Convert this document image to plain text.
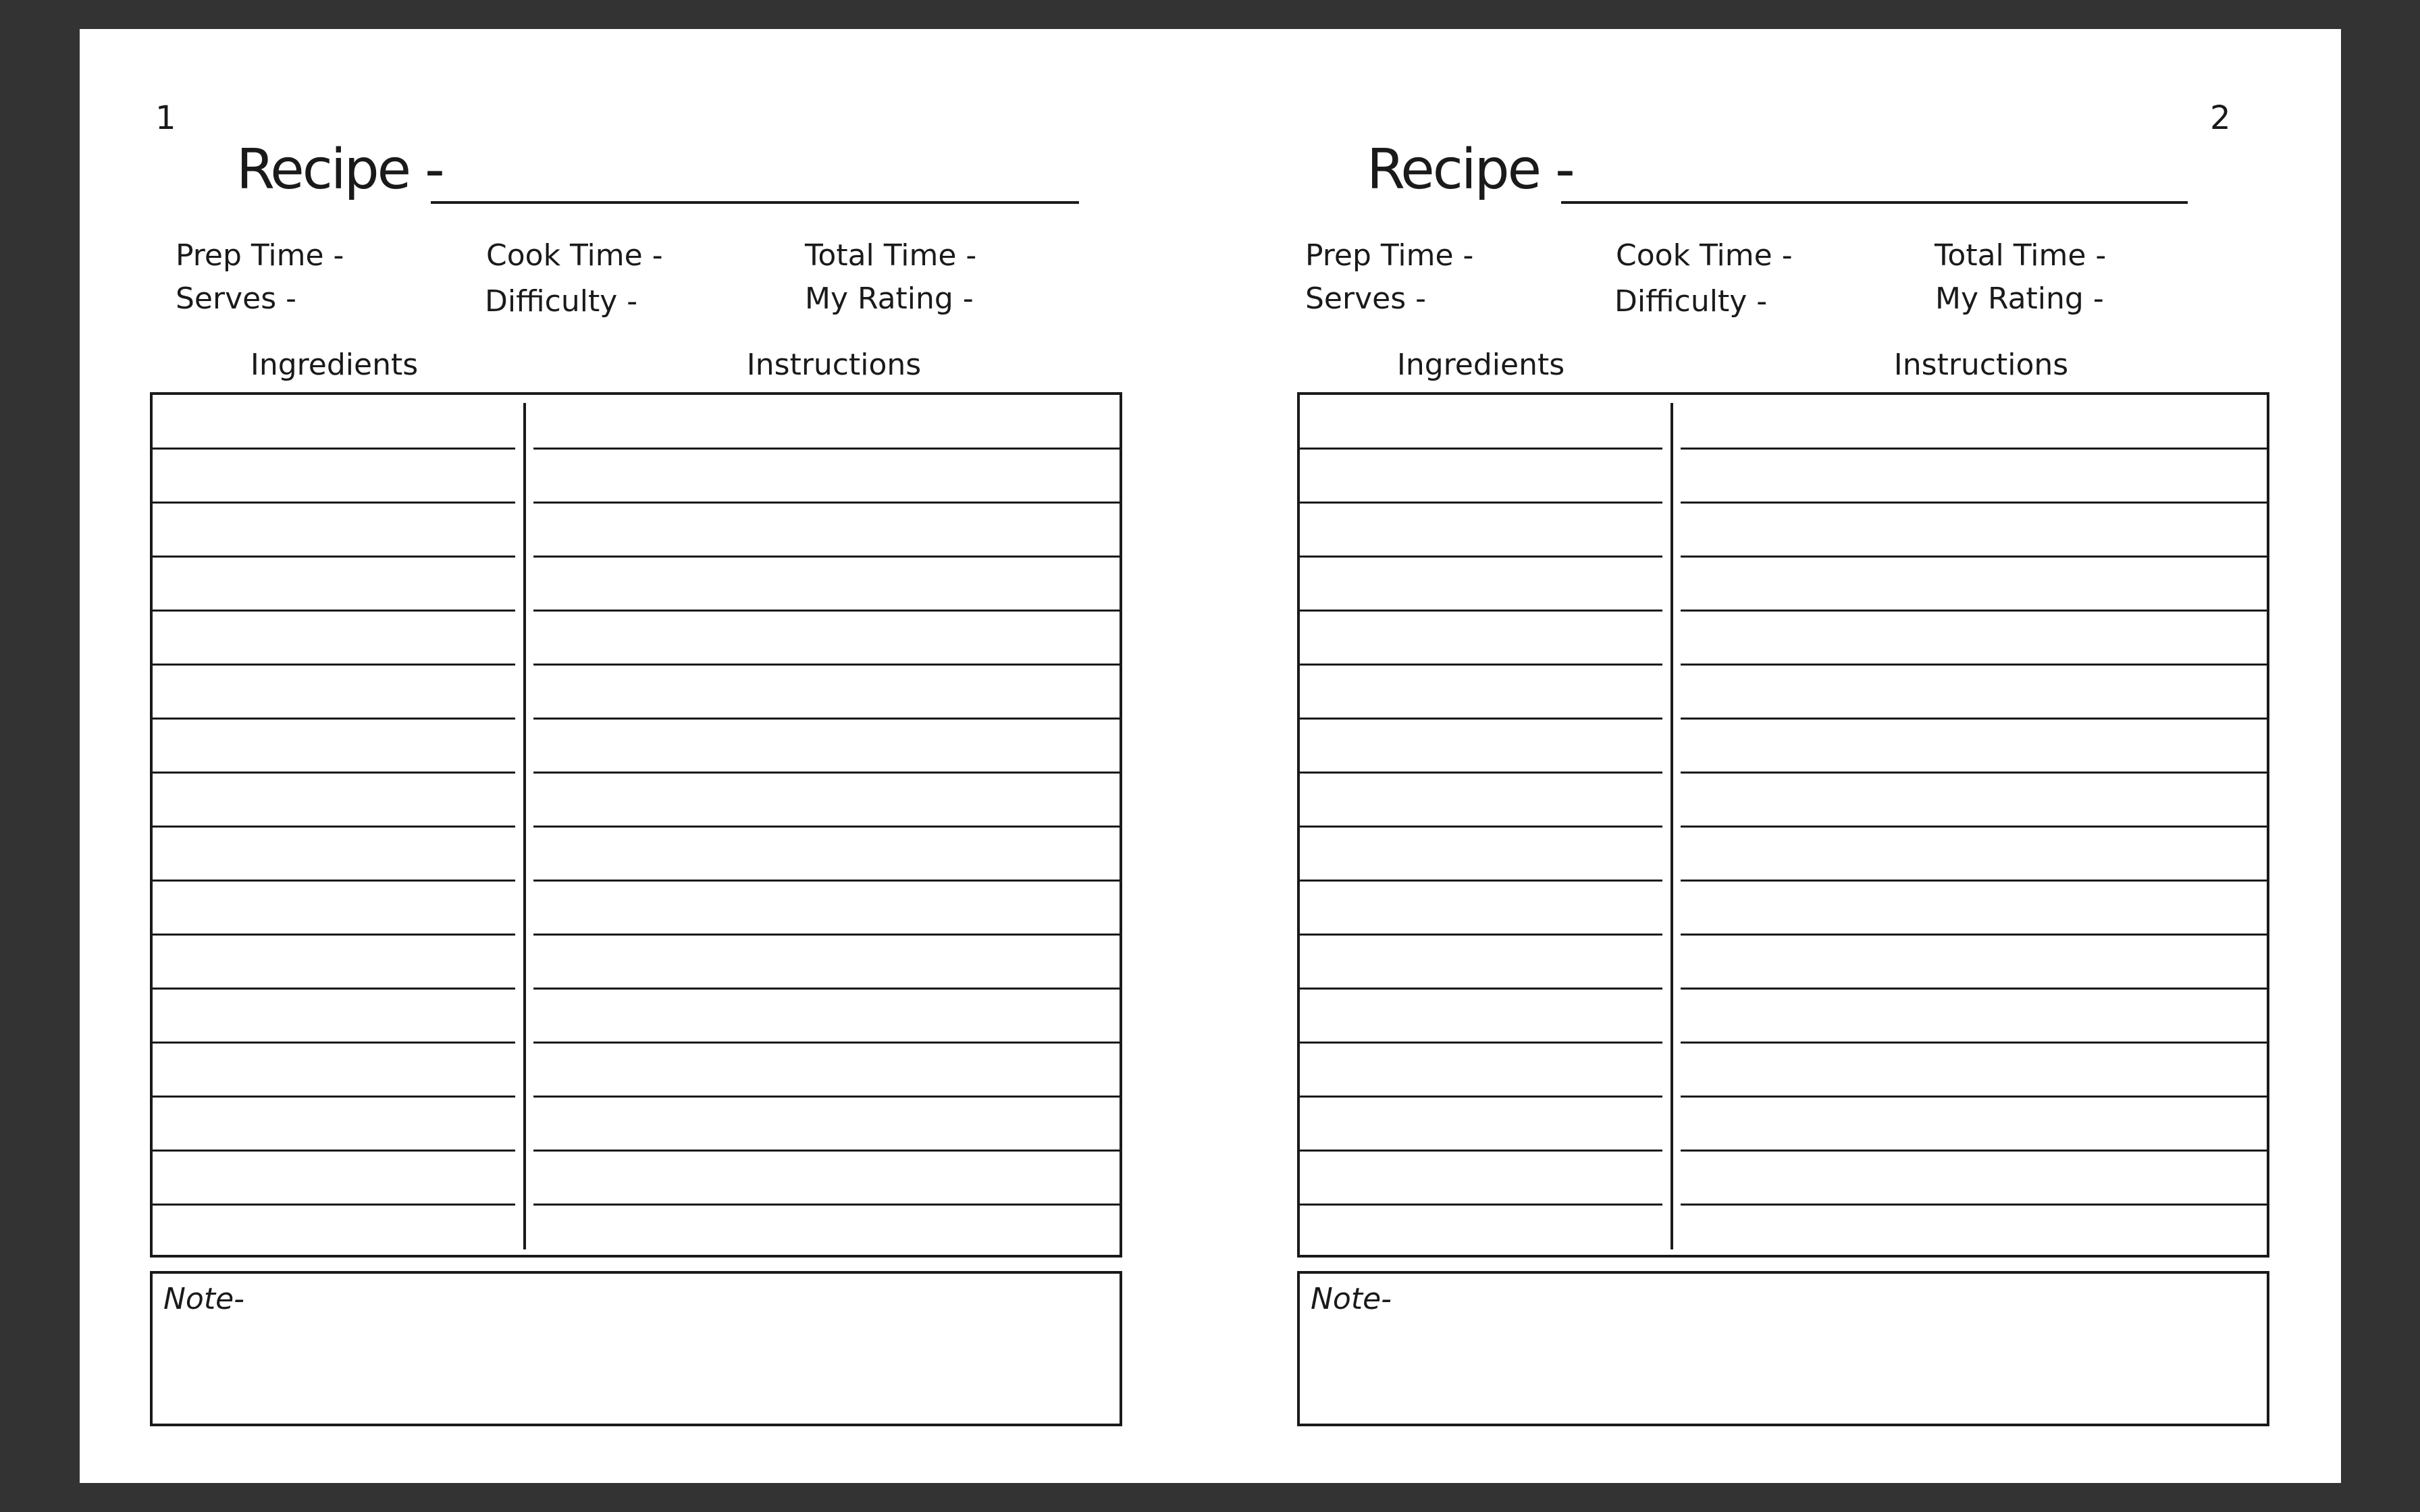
1
Recipe -
Prep Time -	Cook Time -	Total Time -
Serves -	Difficulty -	My Rating -
Ingredients	Instructions
Note-
2
Recipe -
Prep Time -	Cook Time -	Total Time -
Serves -	Difficulty -	My Rating -
Ingredients	Instructions
Note-
